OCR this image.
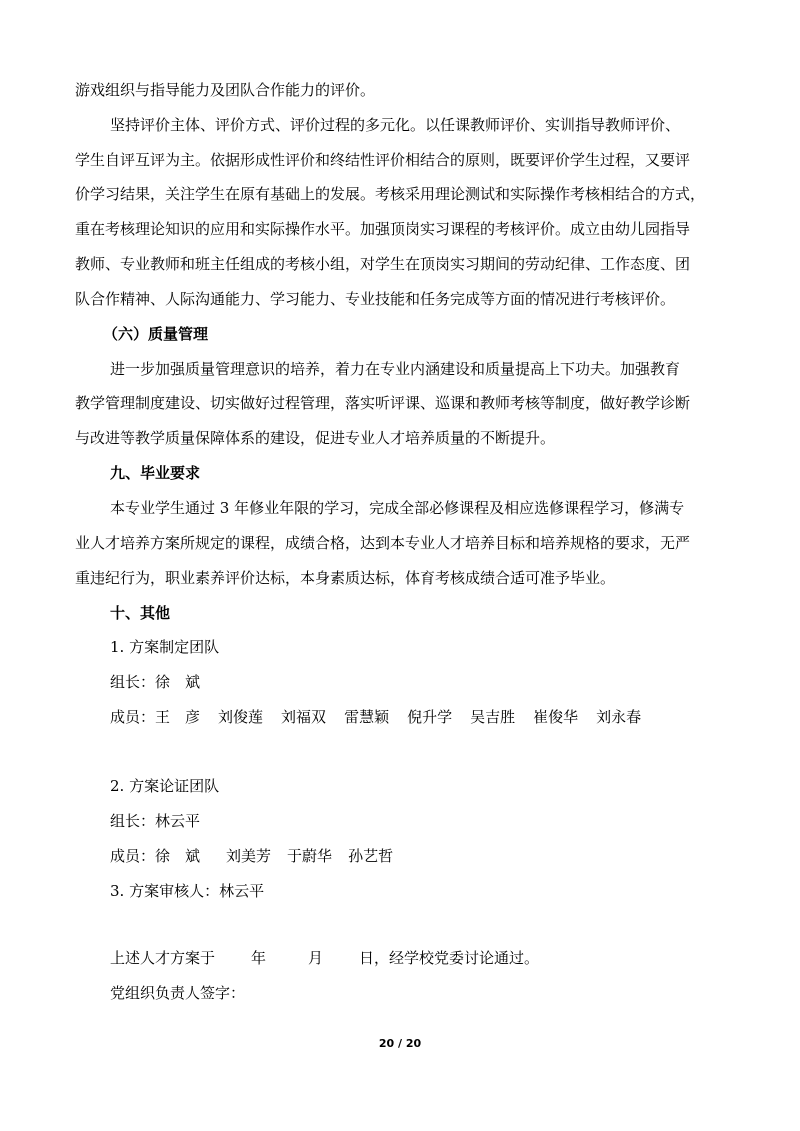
游戏组织与指导能力及团队合作能力的评价。
坚持评价主体、评价方式、评价过程的多元化。以任课教师评价、实训指导教师评价、
学生自评互评为主。依据形成性评价和终结性评价相结合的原则，既要评价学生过程，又要评
价学习结果，关注学生在原有基础上的发展。考核采用理论测试和实际操作考核相结合的方式，
重在考核理论知识的应用和实际操作水平。加强顶岗实习课程的考核评价。成立由幼儿园指导
教师、专业教师和班主任组成的考核小组，对学生在顶岗实习期间的劳动纪律、工作态度、团
队合作精神、人际沟通能力、学习能力、专业技能和任务完成等方面的情况进行考核评价。
（六）质量管理
进一步加强质量管理意识的培养，着力在专业内涵建设和质量提高上下功夫。加强教育
教学管理制度建设、切实做好过程管理，落实听评课、巡课和教师考核等制度，做好教学诊断
与改进等教学质量保障体系的建设，促进专业人才培养质量的不断提升。
九、毕业要求
本专业学生通过 3 年修业年限的学习，完成全部必修课程及相应选修课程学习，修满专
业人才培养方案所规定的课程，成绩合格，达到本专业人才培养目标和培养规格的要求，无严
重违纪行为，职业素养评价达标，本身素质达标，体育考核成绩合适可准予毕业。
十、其他
1. 方案制定团队
组长：徐　斌
成员：王　彦 刘俊莲 刘福双 雷慧颖 倪升学 吴吉胜 崔俊华 刘永春
2. 方案论证团队
组长：林云平
成员：徐　斌 刘美芳 于蔚华 孙艺哲
3. 方案审核人：林云平
上述人才方案于 年	月 日，经学校党委讨论通过。
党组织负责人签字：
20 / 20
